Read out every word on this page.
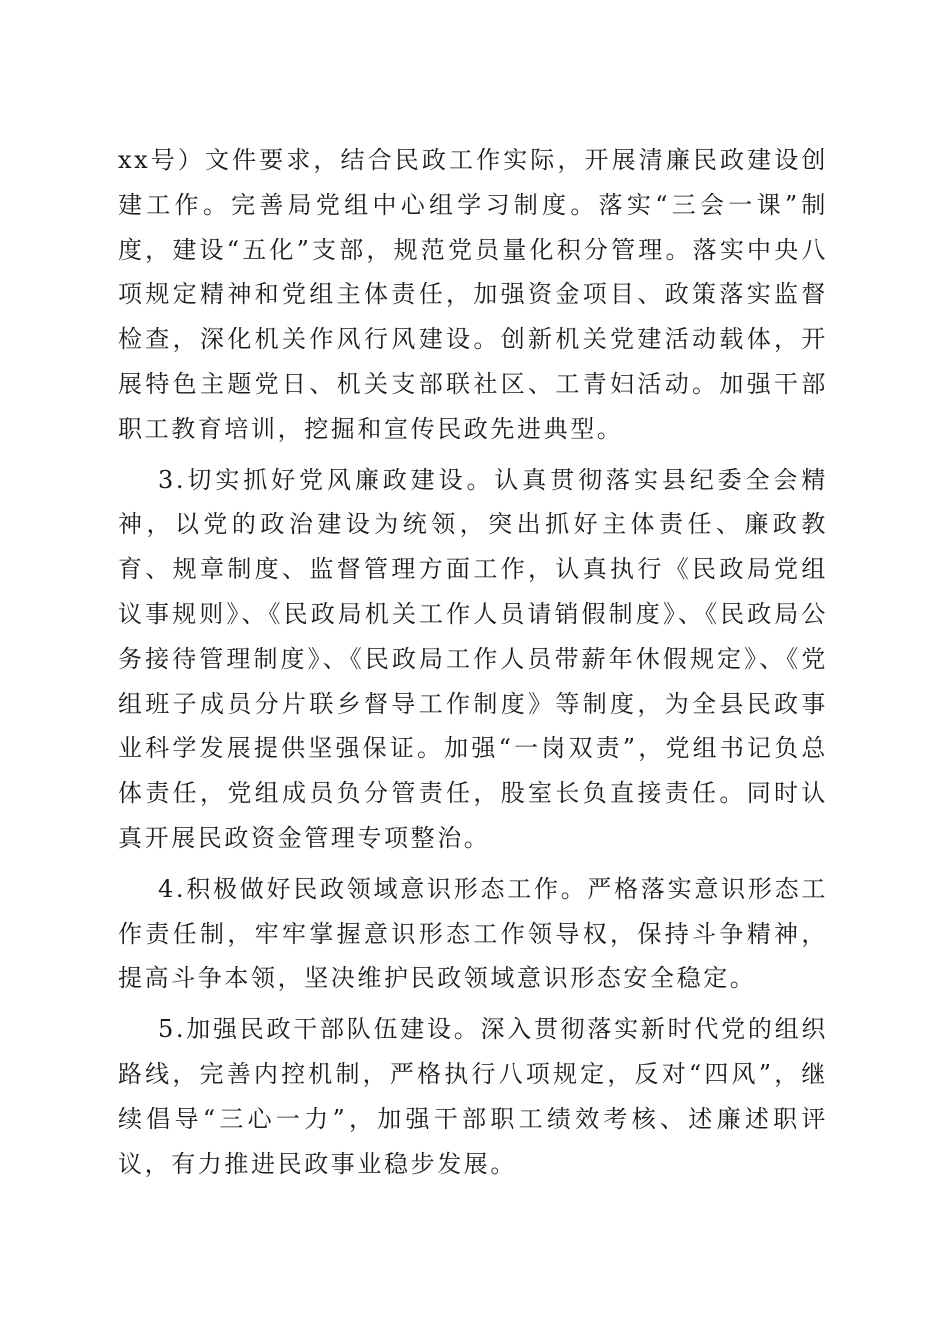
xx号）文件要求，结合民政工作实际，开展清廉民政建设创建工作。完善局党组中心组学习制度。落实“三会一课”制度，建设“五化”支部，规范党员量化积分管理。落实中央八项规定精神和党组主体责任，加强资金项目、政策落实监督检查，深化机关作风行风建设。创新机关党建活动载体，开展特色主题党日、机关支部联社区、工青妇活动。加强干部职工教育培训，挖掘和宣传民政先进典型。

3.切实抓好党风廉政建设。认真贯彻落实县纪委全会精神，以党的政治建设为统领，突出抓好主体责任、廉政教育、规章制度、监督管理方面工作，认真执行《民政局党组议事规则》、《民政局机关工作人员请销假制度》、《民政局公务接待管理制度》、《民政局工作人员带薪年休假规定》、《党组班子成员分片联乡督导工作制度》等制度，为全县民政事业科学发展提供坚强保证。加强“一岗双责”，党组书记负总体责任，党组成员负分管责任，股室长负直接责任。同时认真开展民政资金管理专项整治。

4.积极做好民政领域意识形态工作。严格落实意识形态工作责任制，牢牢掌握意识形态工作领导权，保持斗争精神，提高斗争本领，坚决维护民政领域意识形态安全稳定。

5.加强民政干部队伍建设。深入贯彻落实新时代党的组织路线，完善内控机制，严格执行八项规定，反对“四风”，继续倡导“三心一力”，加强干部职工绩效考核、述廉述职评议，有力推进民政事业稳步发展。
